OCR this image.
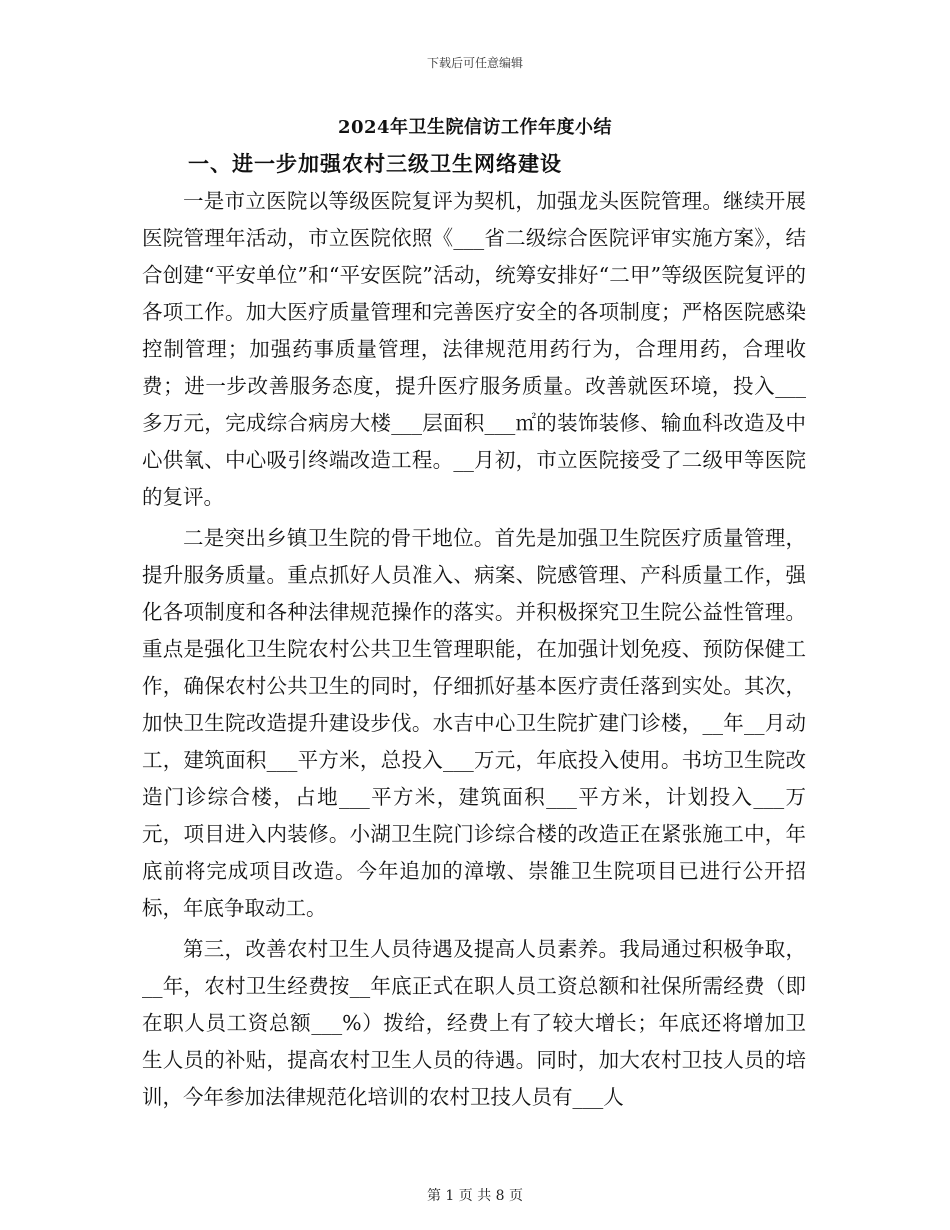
下载后可任意编辑
2024年卫生院信访工作年度小结
一、进一步加强农村三级卫生网络建设

一是市立医院以等级医院复评为契机，加强龙头医院管理。继续开展医院管理年活动，市立医院依照《___省二级综合医院评审实施方案》，结合创建“平安单位”和“平安医院”活动，统筹安排好“二甲”等级医院复评的各项工作。加大医疗质量管理和完善医疗安全的各项制度；严格医院感染控制管理；加强药事质量管理，法律规范用药行为，合理用药，合理收费；进一步改善服务态度，提升医疗服务质量。改善就医环境，投入___多万元，完成综合病房大楼___层面积___㎡的装饰装修、输血科改造及中心供氧、中心吸引终端改造工程。__月初，市立医院接受了二级甲等医院的复评。

二是突出乡镇卫生院的骨干地位。首先是加强卫生院医疗质量管理，提升服务质量。重点抓好人员准入、病案、院感管理、产科质量工作，强化各项制度和各种法律规范操作的落实。并积极探究卫生院公益性管理。重点是强化卫生院农村公共卫生管理职能，在加强计划免疫、预防保健工作，确保农村公共卫生的同时，仔细抓好基本医疗责任落到实处。其次，加快卫生院改造提升建设步伐。水吉中心卫生院扩建门诊楼，__年__月动工，建筑面积___平方米，总投入___万元，年底投入使用。书坊卫生院改造门诊综合楼，占地___平方米，建筑面积___平方米，计划投入___万元，项目进入内装修。小湖卫生院门诊综合楼的改造正在紧张施工中，年底前将完成项目改造。今年追加的漳墩、崇雒卫生院项目已进行公开招标，年底争取动工。

第三，改善农村卫生人员待遇及提高人员素养。我局通过积极争取，__年，农村卫生经费按__年底正式在职人员工资总额和社保所需经费（即在职人员工资总额___%）拨给，经费上有了较大增长；年底还将增加卫生人员的补贴，提高农村卫生人员的待遇。同时，加大农村卫技人员的培训，今年参加法律规范化培训的农村卫技人员有___人

第 1 页 共 8 页
